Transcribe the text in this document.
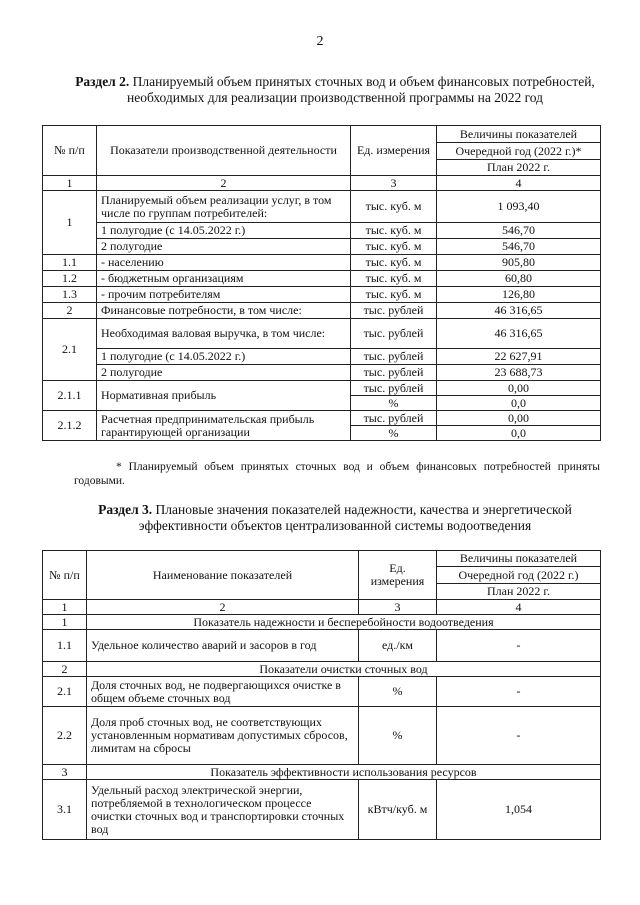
2
Раздел 2. Планируемый объем принятых сточных вод и объем финансовых потребностей, необходимых для реализации производственной программы на 2022 год
№ п/п	Показатели производственной деятельности	Ед. измерения	Величины показателей
			Очередной год (2022 г.)*
			План 2022 г.
1	2	3	4
1	Планируемый объем реализации услуг, в том числе по группам потребителей:	тыс. куб. м	1 093,40
	1 полугодие (с 14.05.2022 г.)	тыс. куб. м	546,70
	2 полугодие	тыс. куб. м	546,70
1.1	- населению	тыс. куб. м	905,80
1.2	- бюджетным организациям	тыс. куб. м	60,80
1.3	- прочим потребителям	тыс. куб. м	126,80
2	Финансовые потребности, в том числе:	тыс. рублей	46 316,65
2.1	Необходимая валовая выручка, в том числе:	тыс. рублей	46 316,65
	1 полугодие (с 14.05.2022 г.)	тыс. рублей	22 627,91
	2 полугодие	тыс. рублей	23 688,73
2.1.1	Нормативная прибыль	тыс. рублей	0,00
		%	0,0
2.1.2	Расчетная предпринимательская прибыль гарантирующей организации	тыс. рублей	0,00
		%	0,0
* Планируемый объем принятых сточных вод и объем финансовых потребностей приняты годовыми.
Раздел 3. Плановые значения показателей надежности, качества и энергетической эффективности объектов централизованной системы водоотведения
№ п/п	Наименование показателей	Ед. измерения	Величины показателей
			Очередной год (2022 г.)
			План 2022 г.
1	2	3	4
1	Показатель надежности и бесперебойности водоотведения		
1.1	Удельное количество аварий и засоров в год	ед./км	-
2	Показатели очистки сточных вод		
2.1	Доля сточных вод, не подвергающихся очистке в общем объеме сточных вод	%	-
2.2	Доля проб сточных вод, не соответствующих установленным нормативам допустимых сбросов, лимитам на сбросы	%	-
3	Показатель эффективности использования ресурсов		
3.1	Удельный расход электрической энергии, потребляемой в технологическом процессе очистки сточных вод и транспортировки сточных вод	кВтч/куб. м	1,054
